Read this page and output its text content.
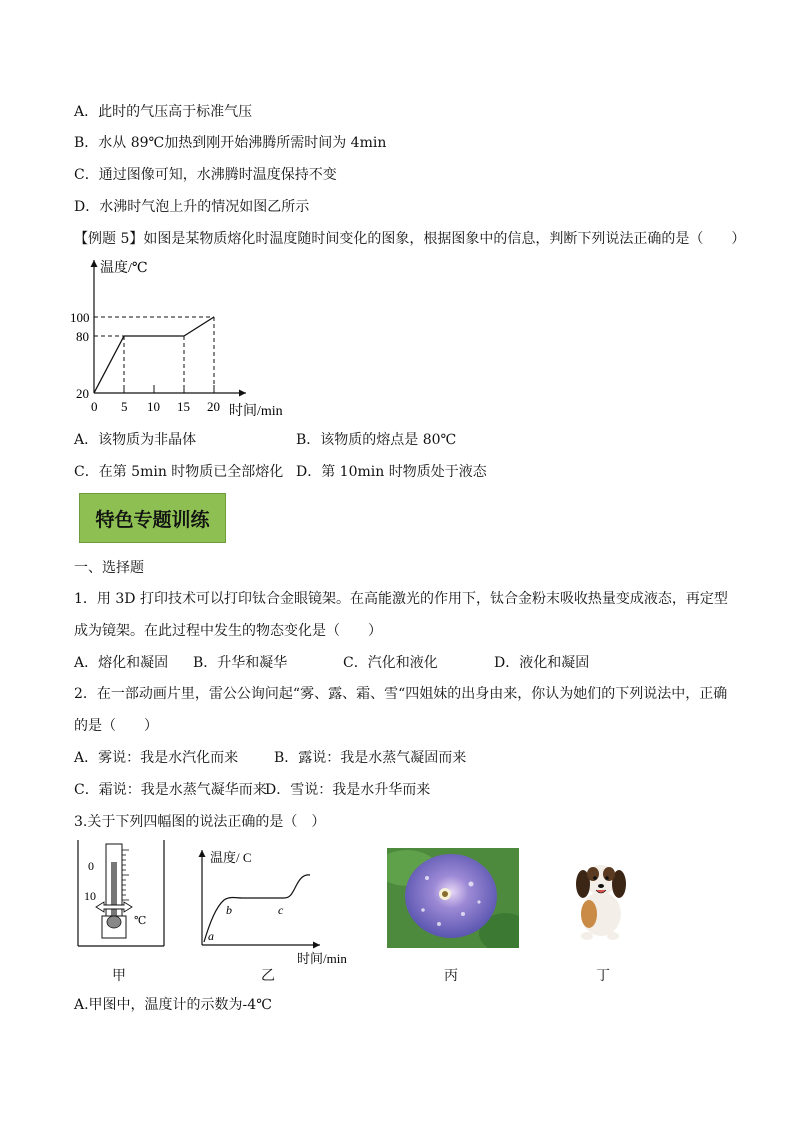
A．此时的气压高于标准气压
B．水从 89℃加热到刚开始沸腾所需时间为 4min
C．通过图像可知，水沸腾时温度保持不变
D．水沸时气泡上升的情况如图乙所示
【例题 5】如图是某物质熔化时温度随时间变化的图象，根据图象中的信息，判断下列说法正确的是（　　）
温度/℃
时间/min
0 5 10 15 20
20
80
100
A．该物质为非晶体	B．该物质的熔点是 80℃
C．在第 5min 时物质已全部熔化 D．第 10min 时物质处于液态
特色专题训练
一、选择题
1．用 3D 打印技术可以打印钛合金眼镜架。在高能激光的作用下，钛合金粉末吸收热量变成液态，再定型
成为镜架。在此过程中发生的物态变化是（　　）
A．熔化和凝固 B．升华和凝华	C．汽化和液化	D．液化和凝固
2．在一部动画片里，雷公公询问起“雾、露、霜、雪“四姐妹的出身由来，你认为她们的下列说法中，正确
的是（　　）
A．雾说：我是水汽化而来	B．露说：我是水蒸气凝固而来
C．霜说：我是水蒸气凝华而来
D．雪说：我是水升华而来
3.关于下列四幅图的说法正确的是（　）
0
10
℃
温度/ C
时间/min
a
b	c
甲	乙	丙	丁
A.甲图中，温度计的示数为-4℃
